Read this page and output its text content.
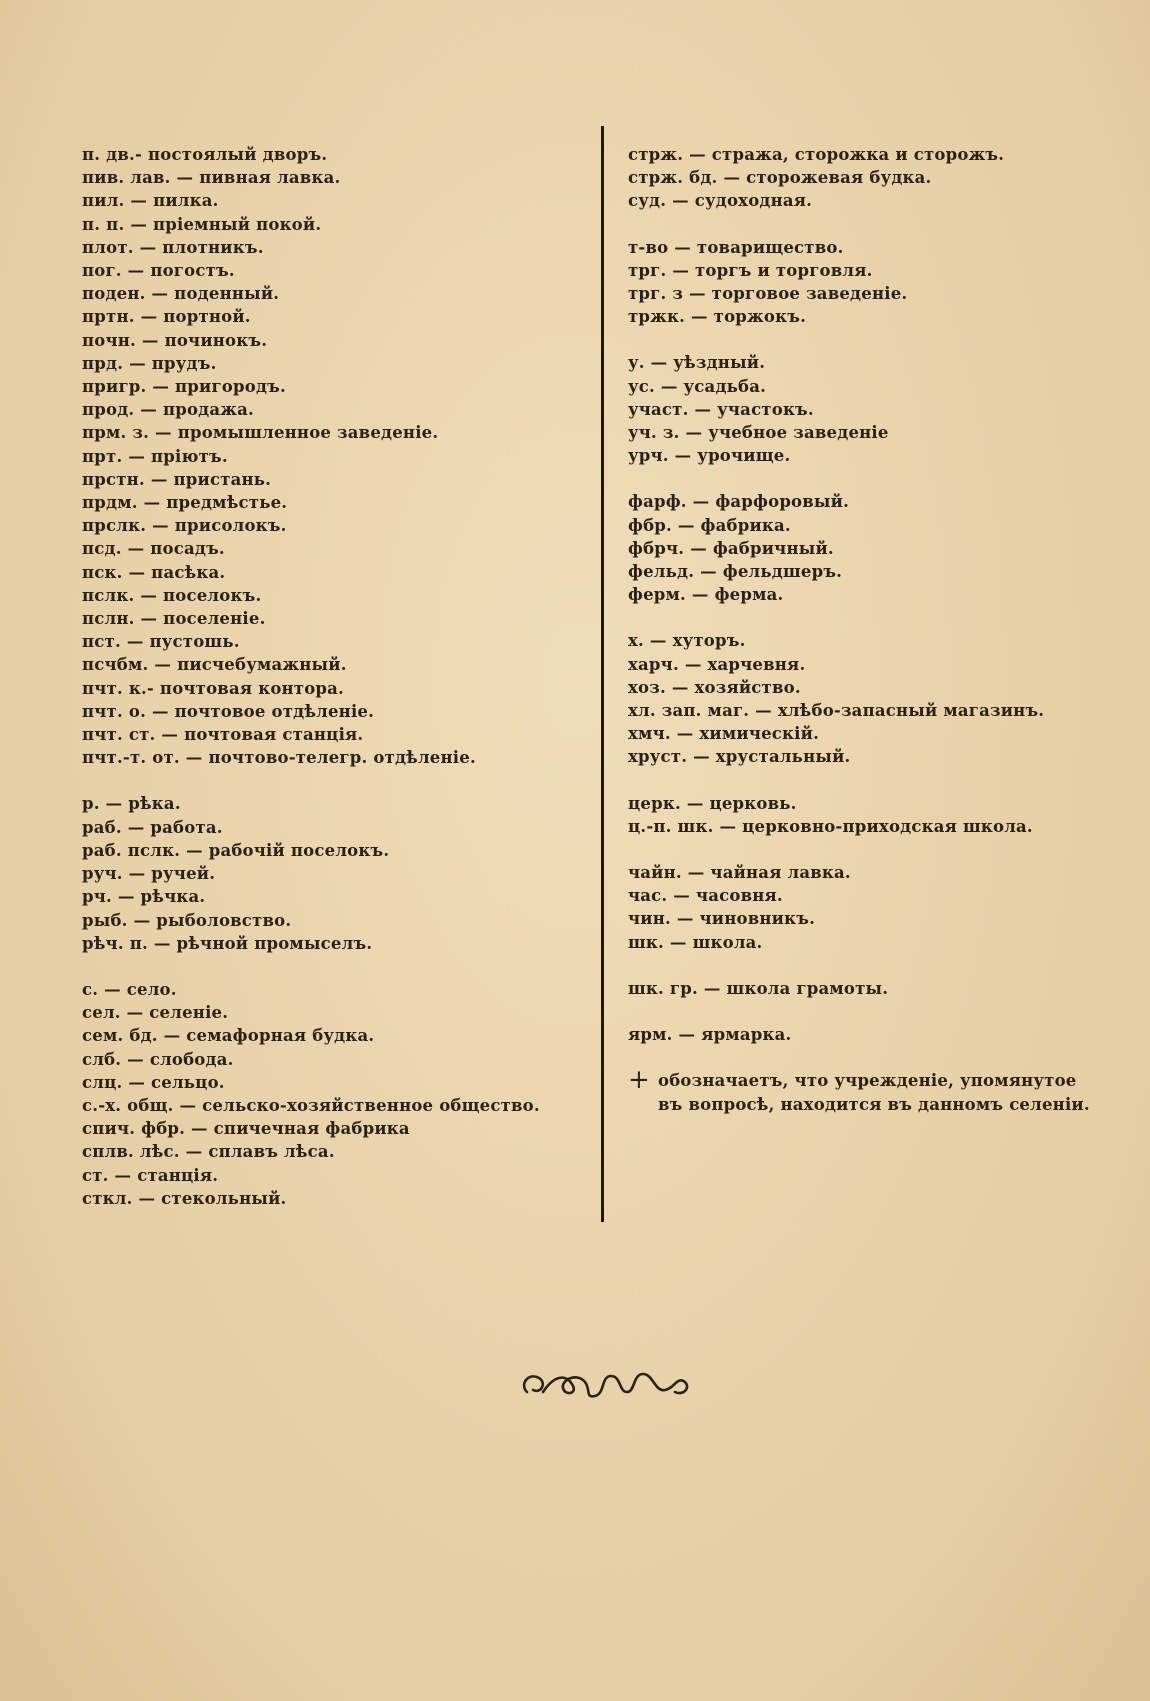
п. дв.- постоялый дворъ.
пив. лав. — пивная лавка.
пил. — пилка.
п. п. — пріемный покой.
плот. — плотникъ.
пог. — погостъ.
поден. — поденный.
пртн. — портной.
почн. — починокъ.
прд. — прудъ.
пригр. — пригородъ.
прод. — продажа.
прм. з. — промышленное заведеніе.
прт. — пріютъ.
прстн. — пристань.
прдм. — предмѣстье.
прслк. — присолокъ.
псд. — посадъ.
пск. — пасѣка.
пслк. — поселокъ.
пслн. — поселеніе.
пст. — пустошь.
псчбм. — писчебумажный.
пчт. к.- почтовая контора.
пчт. о. — почтовое отдѣленіе.
пчт. ст. — почтовая станція.
пчт.-т. от. — почтово-телегр. отдѣленіе.
р. — рѣка.
раб. — работа.
раб. пслк. — рабочій поселокъ.
руч. — ручей.
рч. — рѣчка.
рыб. — рыболовство.
рѣч. п. — рѣчной промыселъ.
с. — село.
сел. — селеніе.
сем. бд. — семафорная будка.
слб. — слобода.
слц. — сельцо.
с.-х. общ. — сельско-хозяйственное общество.
спич. фбр. — спичечная фабрика
сплв. лѣс. — сплавъ лѣса.
ст. — станція.
сткл. — стекольный.
стрж. — стража, сторожка и сторожъ.
стрж. бд. — сторожевая будка.
суд. — судоходная.
т-во — товарищество.
трг. — торгъ и торговля.
трг. з — торговое заведеніе.
тржк. — торжокъ.
у. — уѣздный.
ус. — усадьба.
участ. — участокъ.
уч. з. — учебное заведеніе
урч. — урочище.
фарф. — фарфоровый.
фбр. — фабрика.
фбрч. — фабричный.
фельд. — фельдшеръ.
ферм. — ферма.
х. — хуторъ.
харч. — харчевня.
хоз. — хозяйство.
хл. зап. маг. — хлѣбо-запасный магазинъ.
хмч. — химическій.
хруст. — хрустальный.
церк. — церковь.
ц.-п. шк. — церковно-приходская школа.
чайн. — чайная лавка.
час. — часовня.
чин. — чиновникъ.
шк. — школа.
шк. гр. — школа грамоты.
ярм. — ярмарка.
+ обозначаетъ, что учрежденіе, упомянутое
въ вопросѣ, находится въ данномъ селеніи.
